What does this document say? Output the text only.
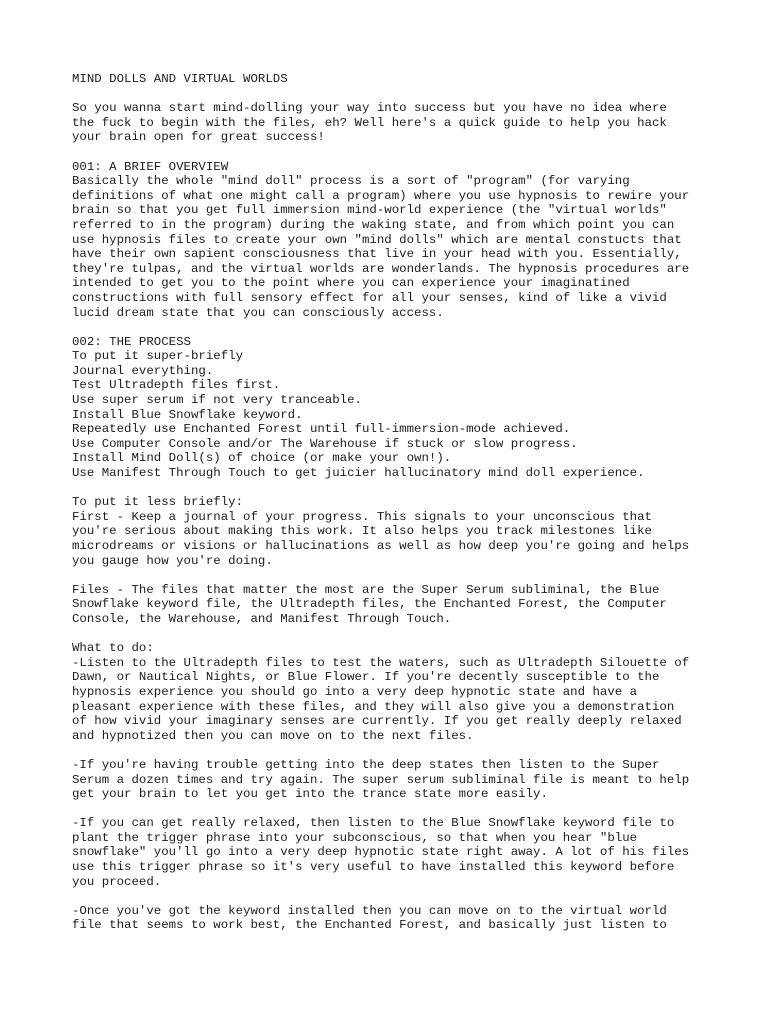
MIND DOLLS AND VIRTUAL WORLDS
So you wanna start mind-dolling your way into success but you have no idea where
the fuck to begin with the files, eh? Well here's a quick guide to help you hack
your brain open for great success!
001: A BRIEF OVERVIEW
Basically the whole "mind doll" process is a sort of "program" (for varying
definitions of what one might call a program) where you use hypnosis to rewire your
brain so that you get full immersion mind-world experience (the "virtual worlds"
referred to in the program) during the waking state, and from which point you can
use hypnosis files to create your own "mind dolls" which are mental constucts that
have their own sapient consciousness that live in your head with you. Essentially,
they're tulpas, and the virtual worlds are wonderlands. The hypnosis procedures are
intended to get you to the point where you can experience your imaginatined
constructions with full sensory effect for all your senses, kind of like a vivid
lucid dream state that you can consciously access.
002: THE PROCESS
To put it super-briefly
Journal everything.
Test Ultradepth files first.
Use super serum if not very tranceable.
Install Blue Snowflake keyword.
Repeatedly use Enchanted Forest until full-immersion-mode achieved.
Use Computer Console and/or The Warehouse if stuck or slow progress.
Install Mind Doll(s) of choice (or make your own!).
Use Manifest Through Touch to get juicier hallucinatory mind doll experience.
To put it less briefly:
First - Keep a journal of your progress. This signals to your unconscious that
you're serious about making this work. It also helps you track milestones like
microdreams or visions or hallucinations as well as how deep you're going and helps
you gauge how you're doing.
Files - The files that matter the most are the Super Serum subliminal, the Blue
Snowflake keyword file, the Ultradepth files, the Enchanted Forest, the Computer
Console, the Warehouse, and Manifest Through Touch.
What to do:
-Listen to the Ultradepth files to test the waters, such as Ultradepth Silouette of
Dawn, or Nautical Nights, or Blue Flower. If you're decently susceptible to the
hypnosis experience you should go into a very deep hypnotic state and have a
pleasant experience with these files, and they will also give you a demonstration
of how vivid your imaginary senses are currently. If you get really deeply relaxed
and hypnotized then you can move on to the next files.
-If you're having trouble getting into the deep states then listen to the Super
Serum a dozen times and try again. The super serum subliminal file is meant to help
get your brain to let you get into the trance state more easily.
-If you can get really relaxed, then listen to the Blue Snowflake keyword file to
plant the trigger phrase into your subconscious, so that when you hear "blue
snowflake" you'll go into a very deep hypnotic state right away. A lot of his files
use this trigger phrase so it's very useful to have installed this keyword before
you proceed.
-Once you've got the keyword installed then you can move on to the virtual world
file that seems to work best, the Enchanted Forest, and basically just listen to
